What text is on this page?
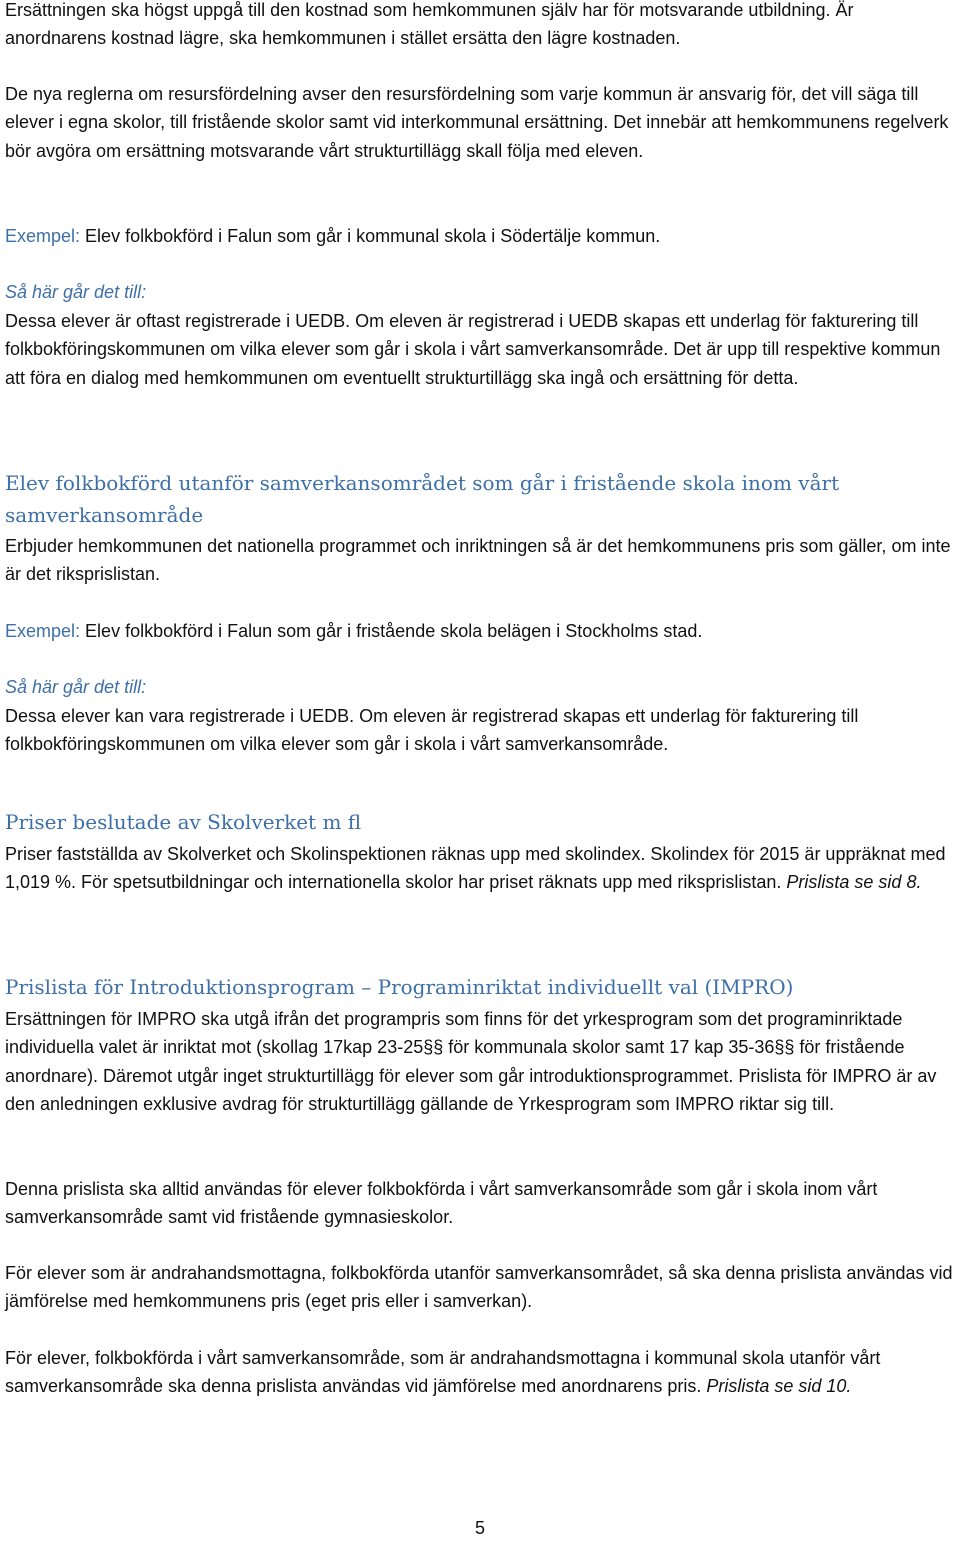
Ersättningen ska högst uppgå till den kostnad som hemkommunen själv har för motsvarande utbildning. Är anordnarens kostnad lägre, ska hemkommunen i stället ersätta den lägre kostnaden.

De nya reglerna om resursfördelning avser den resursfördelning som varje kommun är ansvarig för, det vill säga till elever i egna skolor, till fristående skolor samt vid interkommunal ersättning. Det innebär att hemkommunens regelverk bör avgöra om ersättning motsvarande vårt strukturtillägg skall följa med eleven.

Exempel: Elev folkbokförd i Falun som går i kommunal skola i Södertälje kommun.

Så här går det till:

Dessa elever är oftast registrerade i UEDB. Om eleven är registrerad i UEDB skapas ett underlag för fakturering till folkbokföringskommunen om vilka elever som går i skola i vårt samverkansområde. Det är upp till respektive kommun att föra en dialog med hemkommunen om eventuellt strukturtillägg ska ingå och ersättning för detta.

Elev folkbokförd utanför samverkansområdet som går i fristående skola inom vårt samverkansområde

Erbjuder hemkommunen det nationella programmet och inriktningen så är det hemkommunens pris som gäller, om inte är det riksprislistan.

Exempel: Elev folkbokförd i Falun som går i fristående skola belägen i Stockholms stad.

Så här går det till:

Dessa elever kan vara registrerade i UEDB. Om eleven är registrerad skapas ett underlag för fakturering till folkbokföringskommunen om vilka elever som går i skola i vårt samverkansområde.

Priser beslutade av Skolverket m fl

Priser fastställda av Skolverket och Skolinspektionen räknas upp med skolindex. Skolindex för 2015 är uppräknat med 1,019 %. För spetsutbildningar och internationella skolor har priset räknats upp med riksprislistan. Prislista se sid 8.

Prislista för Introduktionsprogram – Programinriktat individuellt val (IMPRO)

Ersättningen för IMPRO ska utgå ifrån det programpris som finns för det yrkesprogram som det programinriktade individuella valet är inriktat mot (skollag 17kap 23-25§§ för kommunala skolor samt 17 kap 35-36§§ för fristående anordnare). Däremot utgår inget strukturtillägg för elever som går introduktionsprogrammet. Prislista för IMPRO är av den anledningen exklusive avdrag för strukturtillägg gällande de Yrkesprogram som IMPRO riktar sig till.

Denna prislista ska alltid användas för elever folkbokförda i vårt samverkansområde som går i skola inom vårt samverkansområde samt vid fristående gymnasieskolor.

För elever som är andrahandsmottagna, folkbokförda utanför samverkansområdet, så ska denna prislista användas vid jämförelse med hemkommunens pris (eget pris eller i samverkan).

För elever, folkbokförda i vårt samverkansområde, som är andrahandsmottagna i kommunal skola utanför vårt samverkansområde ska denna prislista användas vid jämförelse med anordnarens pris. Prislista se sid 10.

5
